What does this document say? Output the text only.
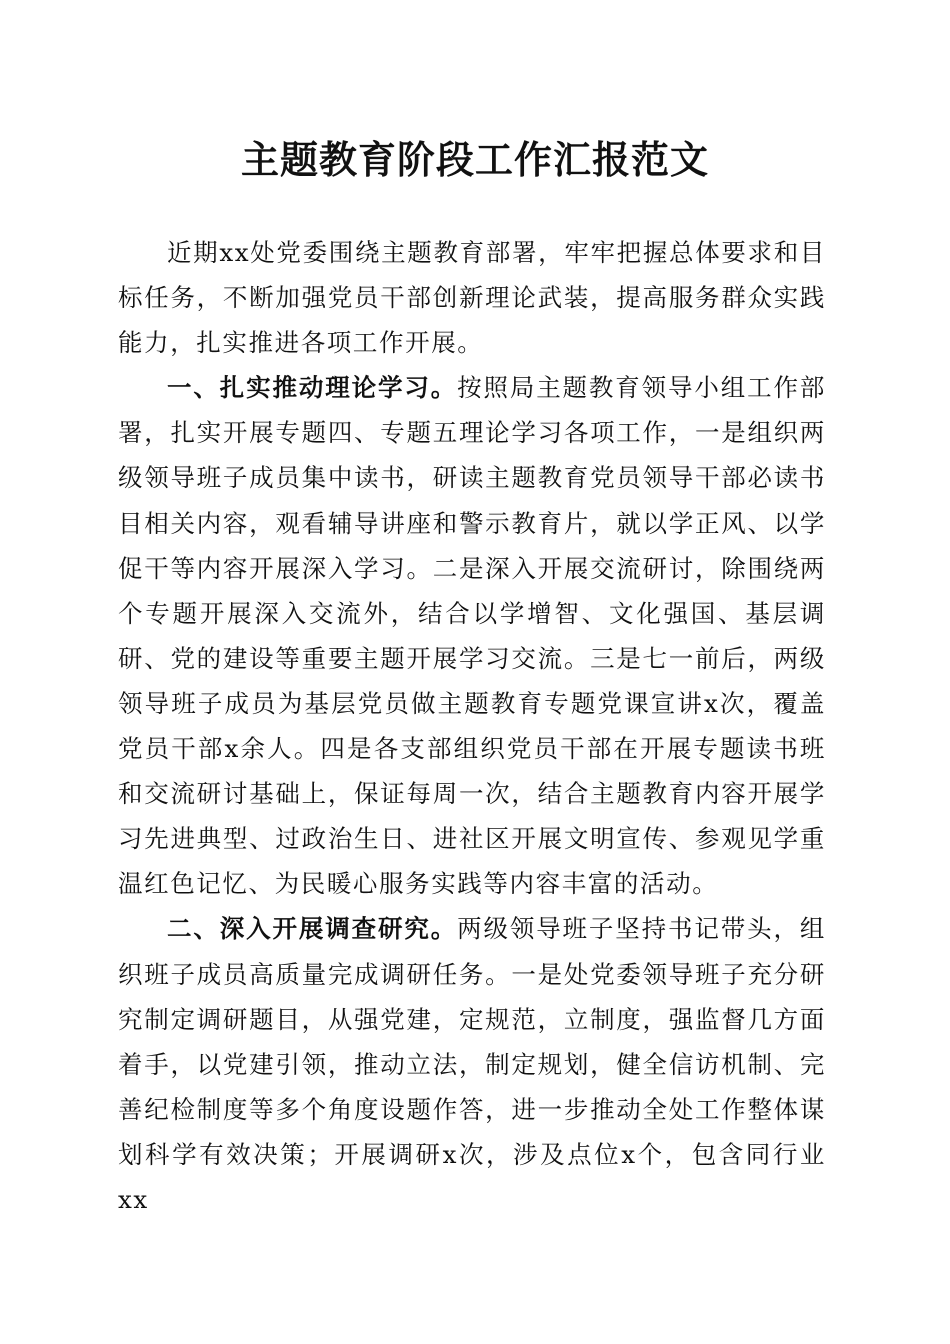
主题教育阶段工作汇报范文

近期xx处党委围绕主题教育部署，牢牢把握总体要求和目标任务，不断加强党员干部创新理论武装，提高服务群众实践能力，扎实推进各项工作开展。

一、扎实推动理论学习。按照局主题教育领导小组工作部署，扎实开展专题四、专题五理论学习各项工作，一是组织两级领导班子成员集中读书，研读主题教育党员领导干部必读书目相关内容，观看辅导讲座和警示教育片，就以学正风、以学促干等内容开展深入学习。二是深入开展交流研讨，除围绕两个专题开展深入交流外，结合以学增智、文化强国、基层调研、党的建设等重要主题开展学习交流。三是七一前后，两级领导班子成员为基层党员做主题教育专题党课宣讲x次，覆盖党员干部x余人。四是各支部组织党员干部在开展专题读书班和交流研讨基础上，保证每周一次，结合主题教育内容开展学习先进典型、过政治生日、进社区开展文明宣传、参观见学重温红色记忆、为民暖心服务实践等内容丰富的活动。

二、深入开展调查研究。两级领导班子坚持书记带头，组织班子成员高质量完成调研任务。一是处党委领导班子充分研究制定调研题目，从强党建，定规范，立制度，强监督几方面着手，以党建引领，推动立法，制定规划，健全信访机制、完善纪检制度等多个角度设题作答，进一步推动全处工作整体谋划科学有效决策；开展调研x次，涉及点位x个，包含同行业xx
